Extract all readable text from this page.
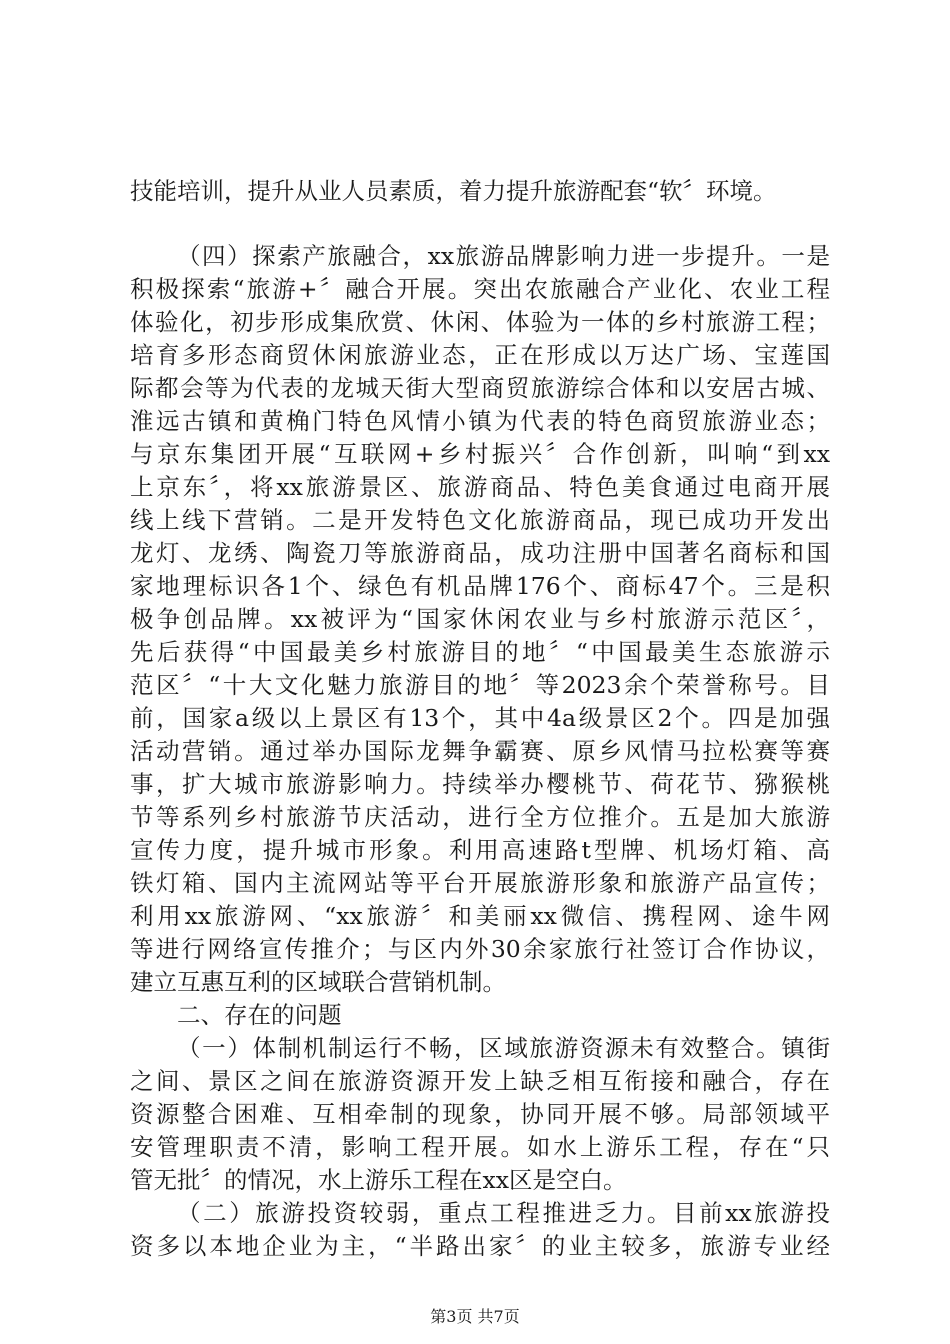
技能培训，提升从业人员素质，着力提升旅游配套“软〞环境。
（四）探索产旅融合，xx旅游品牌影响力进一步提升。一是
积极探索“旅游+〞融合开展。突出农旅融合产业化、农业工程
体验化，初步形成集欣赏、休闲、体验为一体的乡村旅游工程；
培育多形态商贸休闲旅游业态，正在形成以万达广场、宝莲国
际都会等为代表的龙城天街大型商贸旅游综合体和以安居古城、
淮远古镇和黄桷门特色风情小镇为代表的特色商贸旅游业态；
与京东集团开展“互联网+乡村振兴〞合作创新，叫响“到xx
上京东〞，将xx旅游景区、旅游商品、特色美食通过电商开展
线上线下营销。二是开发特色文化旅游商品，现已成功开发出
龙灯、龙绣、陶瓷刀等旅游商品，成功注册中国著名商标和国
家地理标识各1个、绿色有机品牌176个、商标47个。三是积
极争创品牌。xx被评为“国家休闲农业与乡村旅游示范区〞，
先后获得“中国最美乡村旅游目的地〞“中国最美生态旅游示
范区〞“十大文化魅力旅游目的地〞等2023余个荣誉称号。目
前，国家a级以上景区有13个，其中4a级景区2个。四是加强
活动营销。通过举办国际龙舞争霸赛、原乡风情马拉松赛等赛
事，扩大城市旅游影响力。持续举办樱桃节、荷花节、猕猴桃
节等系列乡村旅游节庆活动，进行全方位推介。五是加大旅游
宣传力度，提升城市形象。利用高速路t型牌、机场灯箱、高
铁灯箱、国内主流网站等平台开展旅游形象和旅游产品宣传；
利用xx旅游网、“xx旅游〞和美丽xx微信、携程网、途牛网
等进行网络宣传推介；与区内外30余家旅行社签订合作协议，
建立互惠互利的区域联合营销机制。
二、存在的问题
（一）体制机制运行不畅，区域旅游资源未有效整合。镇街
之间、景区之间在旅游资源开发上缺乏相互衔接和融合，存在
资源整合困难、互相牵制的现象，协同开展不够。局部领域平
安管理职责不清，影响工程开展。如水上游乐工程，存在“只
管无批〞的情况，水上游乐工程在xx区是空白。
（二）旅游投资较弱，重点工程推进乏力。目前xx旅游投
资多以本地企业为主，“半路出家〞的业主较多，旅游专业经
第3页 共7页
